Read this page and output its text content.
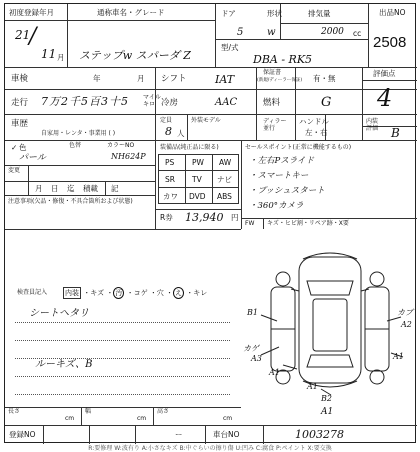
初度登録年月
21
/
11 月
通称車名・グレード
ステップw スパーダ Z
ドア
5
形状
w
排気量
2000 cc
型/式
DBA - RK5
出品NO
2508
車検	年	月 シフト	IAT
保証書
(新規/ディーラー保証) 有・無
評価点
4
走行 7万2千5百3十5 マイル
キロ 冷房	AAC	燃料	G
車歴
自家用・レンタ・事業用 ( )
定員
8 人
外装モデル	ディラー
並行
ハンドル
左・右
内装
評価 B
✓ 色
パール
色替	カラーNO
NH624P
変更
月 日 迄 積載 記
装備品(純正品に限る)
PS PW AW
SR TV ナビ
カワ DVD ABS
R券 13,940 円
セールスポイント(正常に機能するもの)
・左右Pスライド
・スマートキー
・プッシュスタート
・360°カメラ
FW キズ・ヒビ割・リペア跡・X要
注意事項(欠品・修復・不具合箇所および状態)
検査員記入	内装 ・キズ ・ 汚 ・コゲ ・穴 ・ え ・キレ
シートヘタリ
ルーキズ、B
B1
カゲ
A3
A1
A1
B2
カブ
A2
A1
A1
長さ
cm
幅
cm
高さ
cm
登録NO	ー	車台NO	1003278
R:要修理 W:波有り A:小さなキズ B:中ぐらいの擦り傷 U:凹み C:腐食 P:ペイント X:要交換
